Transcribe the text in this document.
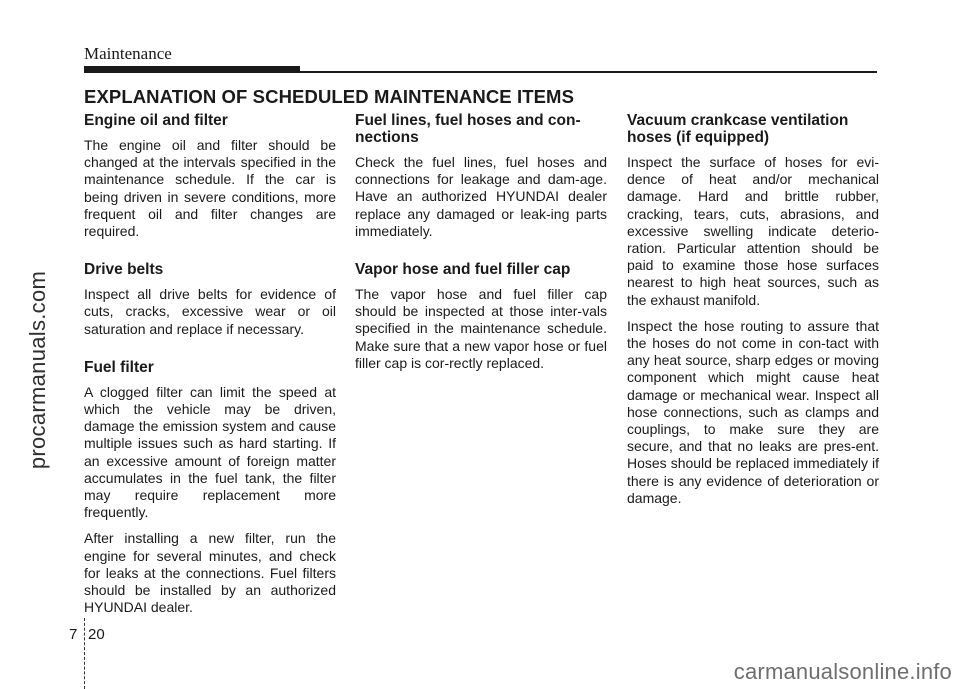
Maintenance
EXPLANATION OF SCHEDULED MAINTENANCE ITEMS
Engine oil and filter

The engine oil and filter should be changed at the intervals specified in the maintenance schedule. If the car is being driven in severe conditions, more frequent oil and filter changes are required.

Drive belts

Inspect all drive belts for evidence of cuts, cracks, excessive wear or oil saturation and replace if necessary.

Fuel filter

A clogged filter can limit the speed at which the vehicle may be driven, damage the emission system and cause multiple issues such as hard starting. If an excessive amount of foreign matter accumulates in the fuel tank, the filter may require replacement more frequently.

After installing a new filter, run the engine for several minutes, and check for leaks at the connections. Fuel filters should be installed by an authorized HYUNDAI dealer.

Fuel lines, fuel hoses and con-nections

Check the fuel lines, fuel hoses and connections for leakage and dam-age. Have an authorized HYUNDAI dealer replace any damaged or leak-ing parts immediately.

Vapor hose and fuel filler cap

The vapor hose and fuel filler cap should be inspected at those inter-vals specified in the maintenance schedule. Make sure that a new vapor hose or fuel filler cap is cor-rectly replaced.

Vacuum crankcase ventilation hoses (if equipped)

Inspect the surface of hoses for evi-dence of heat and/or mechanical damage. Hard and brittle rubber, cracking, tears, cuts, abrasions, and excessive swelling indicate deterio-ration. Particular attention should be paid to examine those hose surfaces nearest to high heat sources, such as the exhaust manifold.

Inspect the hose routing to assure that the hoses do not come in con-tact with any heat source, sharp edges or moving component which might cause heat damage or mechanical wear. Inspect all hose connections, such as clamps and couplings, to make sure they are secure, and that no leaks are pres-ent. Hoses should be replaced immediately if there is any evidence of deterioration or damage.

procarmanuals.com
7 20
carmanualsonline.info
